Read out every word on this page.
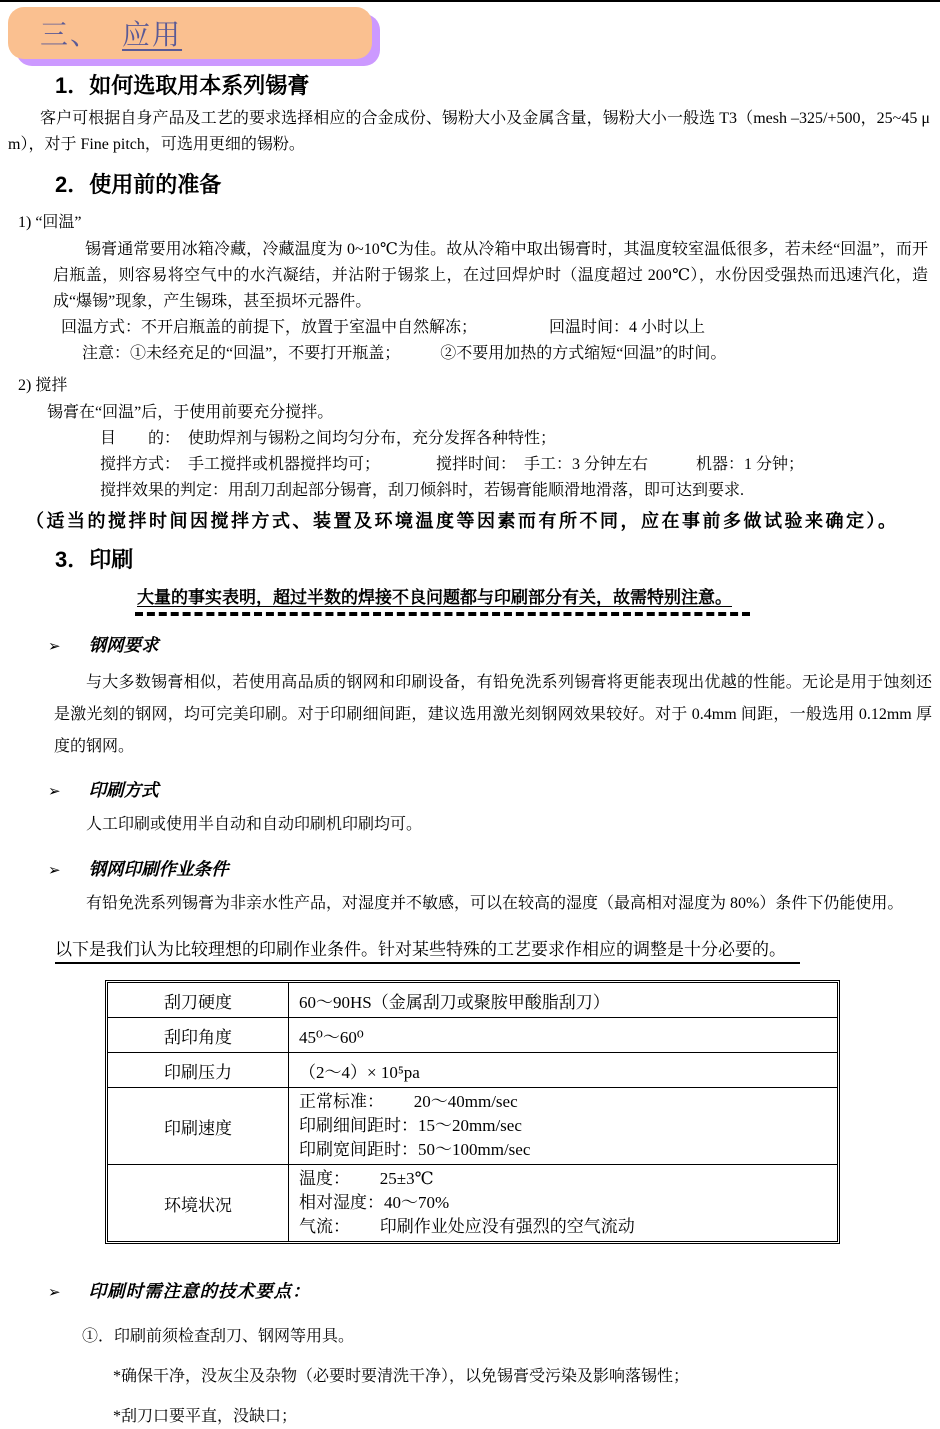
三、 应用
1．如何选取用本系列锡膏
客户可根据自身产品及工艺的要求选择相应的合金成份、锡粉大小及金属含量，锡粉大小一般选 T3（mesh –325/+500，25~45 μ m），对于 Fine pitch，可选用更细的锡粉。
2．使用前的准备
1) “回温”
锡膏通常要用冰箱冷藏，冷藏温度为 0~10℃为佳。故从冷箱中取出锡膏时，其温度较室温低很多，若未经“回温”，而开启瓶盖，则容易将空气中的水汽凝结，并沾附于锡浆上，在过回焊炉时（温度超过 200℃），水份因受强热而迅速汽化，造成“爆锡”现象，产生锡珠，甚至损坏元器件。
回温方式：不开启瓶盖的前提下，放置于室温中自然解冻；　　　　　回温时间：4 小时以上
注意：①未经充足的“回温”，不要打开瓶盖；　　　②不要用加热的方式缩短“回温”的时间。
2) 搅拌
锡膏在“回温”后，于使用前要充分搅拌。
目　　的：　使助焊剂与锡粉之间均匀分布，充分发挥各种特性；
搅拌方式：　手工搅拌或机器搅拌均可；　　　　搅拌时间：　手工：3 分钟左右　　　机器：1 分钟；
搅拌效果的判定：用刮刀刮起部分锡膏，刮刀倾斜时，若锡膏能顺滑地滑落，即可达到要求.
（适当的搅拌时间因搅拌方式、装置及环境温度等因素而有所不同，应在事前多做试验来确定）。
3．印刷
大量的事实表明，超过半数的焊接不良问题都与印刷部分有关，故需特别注意。
➢ 钢网要求
与大多数锡膏相似，若使用高品质的钢网和印刷设备，有铅免洗系列锡膏将更能表现出优越的性能。无论是用于蚀刻还是激光刻的钢网，均可完美印刷。对于印刷细间距，建议选用激光刻钢网效果较好。对于 0.4mm 间距，一般选用 0.12mm 厚度的钢网。
➢ 印刷方式
人工印刷或使用半自动和自动印刷机印刷均可。
➢ 钢网印刷作业条件
有铅免洗系列锡膏为非亲水性产品，对湿度并不敏感，可以在较高的湿度（最高相对湿度为 80%）条件下仍能使用。
以下是我们认为比较理想的印刷作业条件。针对某些特殊的工艺要求作相应的调整是十分必要的。
刮刀硬度	60～90HS（金属刮刀或聚胺甲酸脂刮刀）
刮印角度	45⁰～60⁰
印刷压力	（2～4）× 10⁵pa
印刷速度	正常标准：　　 20～40mm/sec
印刷细间距时：15～20mm/sec
印刷宽间距时：50～100mm/sec

环境状况	温度：　　 25±3℃
相对湿度：40～70%
气流：　　 印刷作业处应没有强烈的空气流动
➢ 印刷时需注意的技术要点：
①．印刷前须检查刮刀、钢网等用具。
*确保干净，没灰尘及杂物（必要时要清洗干净），以免锡膏受污染及影响落锡性；
*刮刀口要平直，没缺口；
